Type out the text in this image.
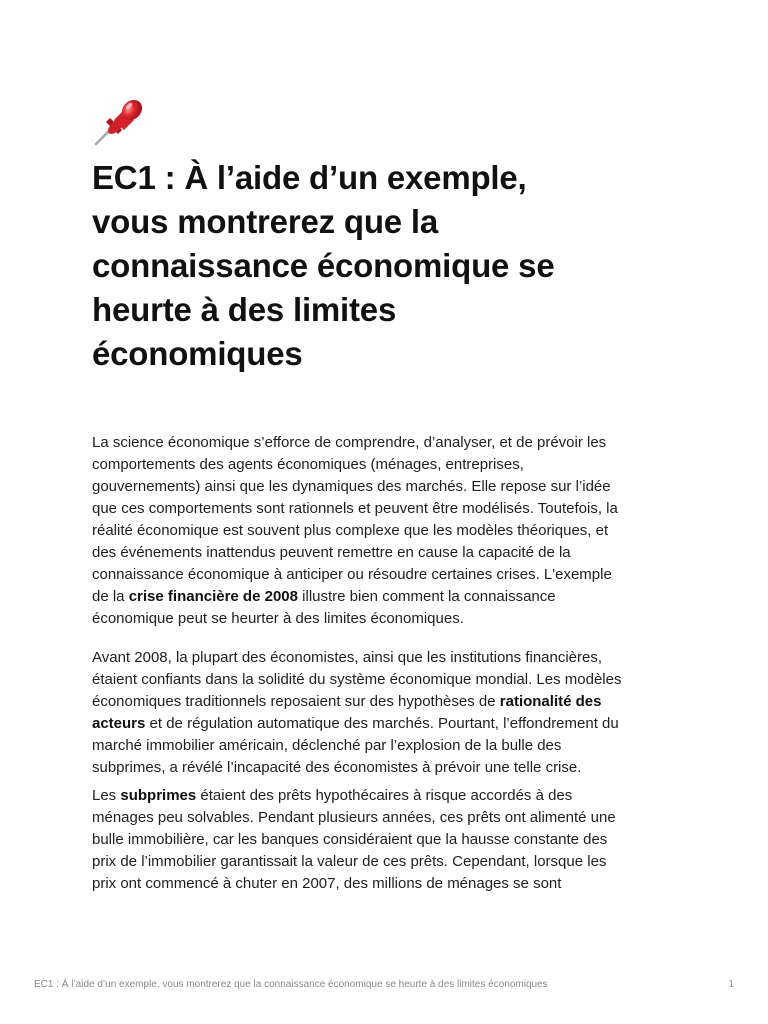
EC1 : À l’aide d’un exemple,
vous montrerez que la
connaissance économique se
heurte à des limites
économiques
La science économique s’efforce de comprendre, d’analyser, et de prévoir les
comportements des agents économiques (ménages, entreprises,
gouvernements) ainsi que les dynamiques des marchés. Elle repose sur l’idée
que ces comportements sont rationnels et peuvent être modélisés. Toutefois, la
réalité économique est souvent plus complexe que les modèles théoriques, et
des événements inattendus peuvent remettre en cause la capacité de la
connaissance économique à anticiper ou résoudre certaines crises. L'exemple
de la crise financière de 2008 illustre bien comment la connaissance
économique peut se heurter à des limites économiques.
Avant 2008, la plupart des économistes, ainsi que les institutions financières,
étaient confiants dans la solidité du système économique mondial. Les modèles
économiques traditionnels reposaient sur des hypothèses de rationalité des
acteurs et de régulation automatique des marchés. Pourtant, l’effondrement du
marché immobilier américain, déclenché par l’explosion de la bulle des
subprimes, a révélé l’incapacité des économistes à prévoir une telle crise.
Les subprimes étaient des prêts hypothécaires à risque accordés à des
ménages peu solvables. Pendant plusieurs années, ces prêts ont alimenté une
bulle immobilière, car les banques considéraient que la hausse constante des
prix de l’immobilier garantissait la valeur de ces prêts. Cependant, lorsque les
prix ont commencé à chuter en 2007, des millions de ménages se sont
EC1 : À l’aide d’un exemple, vous montrerez que la connaissance économique se heurte à des limites économiques	1
